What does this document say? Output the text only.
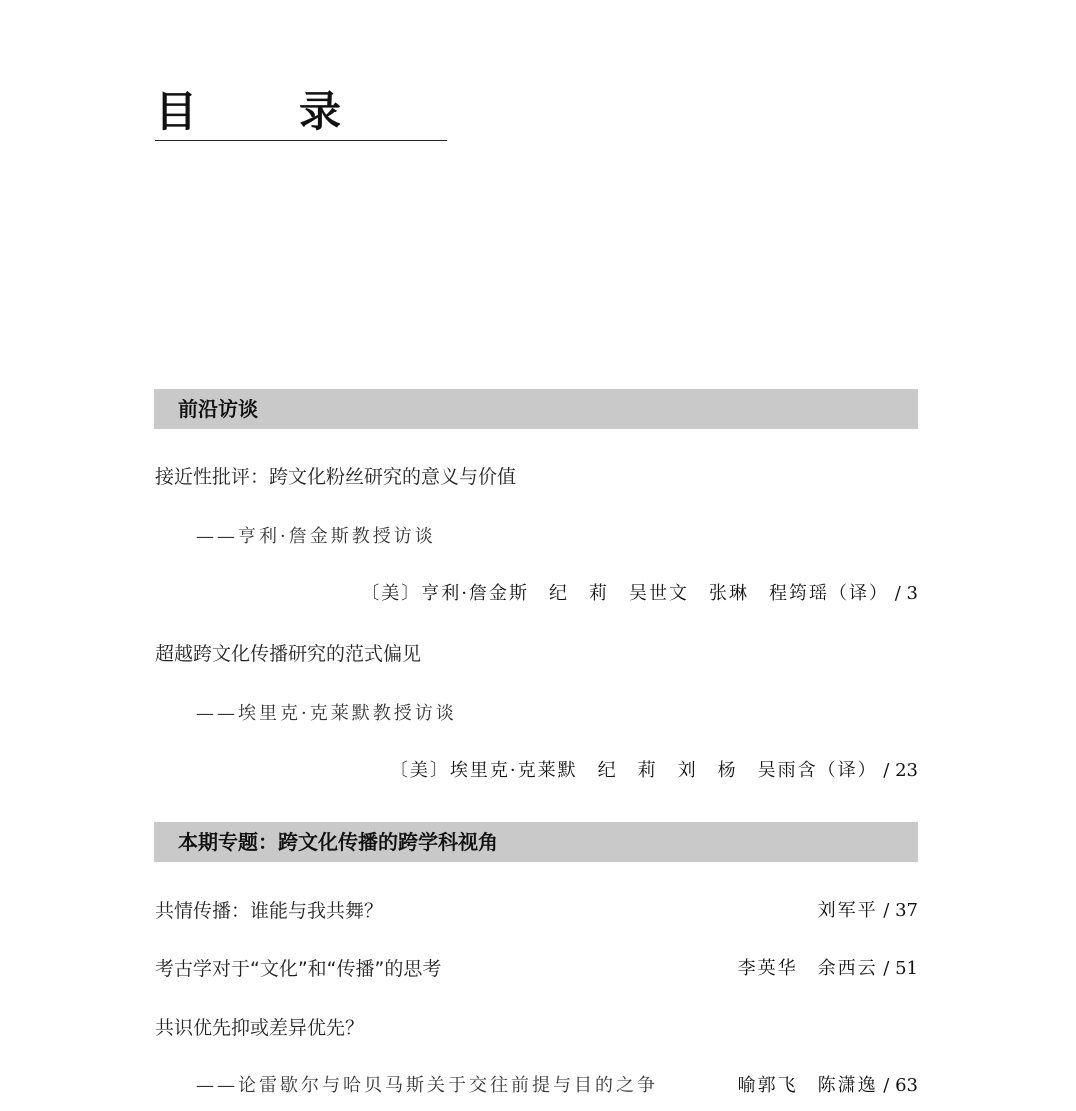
目　录
前沿访谈
接近性批评：跨文化粉丝研究的意义与价值
——亨利·詹金斯教授访谈
〔美〕亨利·詹金斯　纪　莉　吴世文　张琳　程筠瑶（译） / 3
超越跨文化传播研究的范式偏见
——埃里克·克莱默教授访谈
〔美〕埃里克·克莱默　纪　莉　刘　杨　吴雨含（译） / 23
本期专题：跨文化传播的跨学科视角
共情传播：谁能与我共舞？	刘军平 / 37
考古学对于“文化”和“传播”的思考	李英华　余西云 / 51
共识优先抑或差异优先？
——论雷歇尔与哈贝马斯关于交往前提与目的之争	喻郭飞　陈潇逸 / 63
